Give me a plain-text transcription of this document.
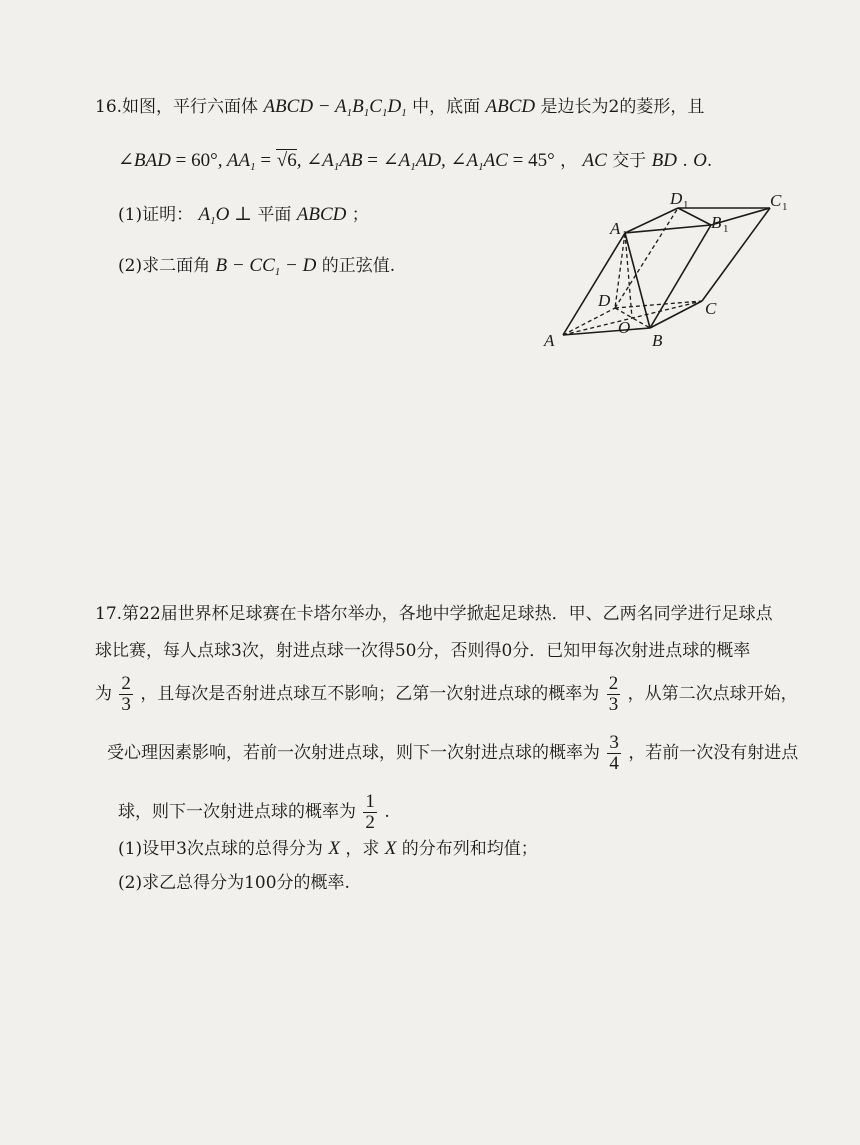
16.如图，平行六面体 ABCD − $A_1B_1C_1D_1$ 中，底面 ABCD 是边长为2的菱形，且
∠BAD = 60°, $AA_1 = √6$, $\angle A_1AB$ = $\angle A_1AD$, $\angle A_1AC = 45^\circ$ ， AC 交于 BD . O.
(1)证明： $A_1O$ ⊥ 平面 ABCD ；
(2)求二面角 $B - CC_1 - D$ 的正弦值.
A	B
C
D
O
A 1
B 1
C 1
D 1
17.第22届世界杯足球赛在卡塔尔举办，各地中学掀起足球热．甲、乙两名同学进行足球点
球比赛，每人点球3次，射进点球一次得50分，否则得0分．已知甲每次射进点球的概率
为 $\frac{2}{3}$ ，且每次是否射进点球互不影响；乙第一次射进点球的概率为 $\frac{2}{3}$ ，从第二次点球开始，
受心理因素影响，若前一次射进点球，则下一次射进点球的概率为 $\frac{3}{4}$ ，若前一次没有射进点
球，则下一次射进点球的概率为 $\frac{1}{2}$ .
(1)设甲3次点球的总得分为 X ，求 X 的分布列和均值；
(2)求乙总得分为100分的概率.
